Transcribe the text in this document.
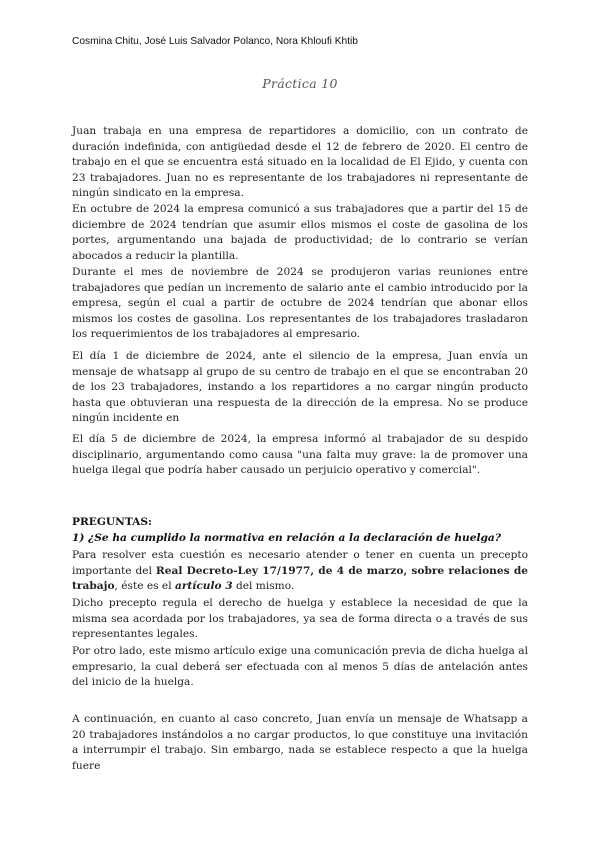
Cosmina Chitu, José Luis Salvador Polanco, Nora Khloufi Khtib
Práctica 10

Juan trabaja en una empresa de repartidores a domicilio, con un contrato de duración indefinida, con antigüedad desde el 12 de febrero de 2020. El centro de trabajo en el que se encuentra está situado en la localidad de El Ejido, y cuenta con 23 trabajadores. Juan no es representante de los trabajadores ni representante de ningún sindicato en la empresa.

En octubre de 2024 la empresa comunicó a sus trabajadores que a partir del 15 de diciembre de 2024 tendrían que asumir ellos mismos el coste de gasolina de los portes, argumentando una bajada de productividad; de lo contrario se verían abocados a reducir la plantilla.

Durante el mes de noviembre de 2024 se produjeron varias reuniones entre trabajadores que pedían un incremento de salario ante el cambio introducido por la empresa, según el cual a partir de octubre de 2024 tendrían que abonar ellos mismos los costes de gasolina. Los representantes de los trabajadores trasladaron los requerimientos de los trabajadores al empresario.

El día 1 de diciembre de 2024, ante el silencio de la empresa, Juan envía un mensaje de whatsapp al grupo de su centro de trabajo en el que se encontraban 20 de los 23 trabajadores, instando a los repartidores a no cargar ningún producto hasta que obtuvieran una respuesta de la dirección de la empresa. No se produce ningún incidente en

El día 5 de diciembre de 2024, la empresa informó al trabajador de su despido disciplinario, argumentando como causa "una falta muy grave: la de promover una huelga ilegal que podría haber causado un perjuicio operativo y comercial".

PREGUNTAS:

1) ¿Se ha cumplido la normativa en relación a la declaración de huelga?

Para resolver esta cuestión es necesario atender o tener en cuenta un precepto importante del Real Decreto-Ley 17/1977, de 4 de marzo, sobre relaciones de trabajo, éste es el artículo 3 del mismo.

Dicho precepto regula el derecho de huelga y establece la necesidad de que la misma sea acordada por los trabajadores, ya sea de forma directa o a través de sus representantes legales.

Por otro lado, este mismo artículo exige una comunicación previa de dicha huelga al empresario, la cual deberá ser efectuada con al menos 5 días de antelación antes del inicio de la huelga.

A continuación, en cuanto al caso concreto, Juan envía un mensaje de Whatsapp a 20 trabajadores instándolos a no cargar productos, lo que constituye una invitación a interrumpir el trabajo. Sin embargo, nada se establece respecto a que la huelga fuere
